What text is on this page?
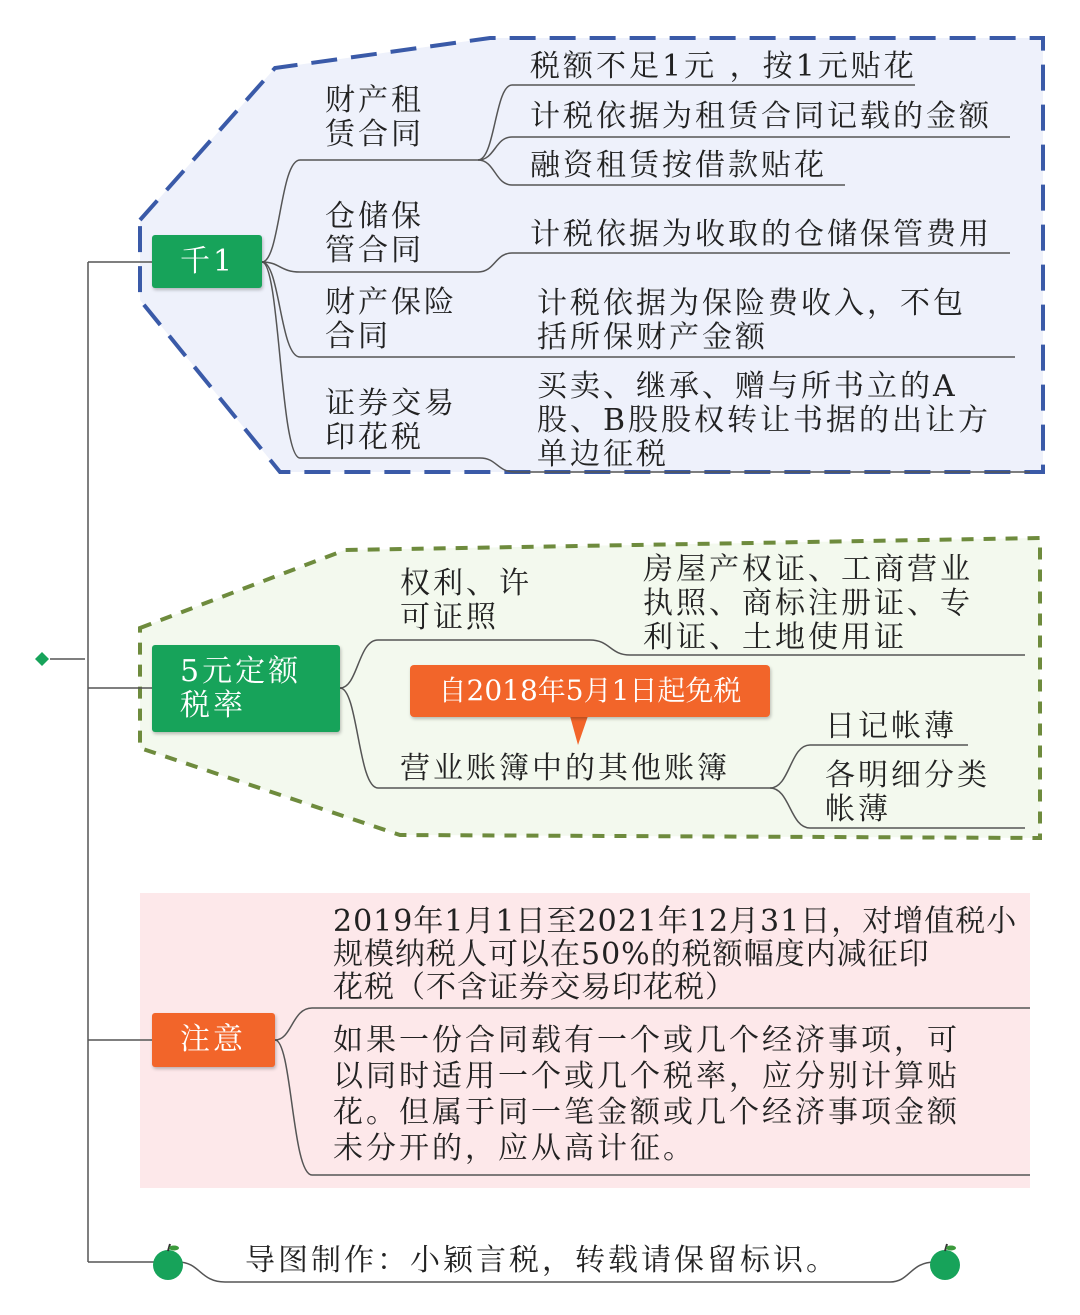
千1
财产租
赁合同
税额不足1元 ，按1元贴花
计税依据为租赁合同记载的金额
融资租赁按借款贴花
仓储保
管合同	计税依据为收取的仓储保管费用
财产保险
合同
计税依据为保险费收入，不包
括所保财产金额
证券交易
印花税
买卖、继承、赠与所书立的A
股、B股股权转让书据的出让方
单边征税
5元定额
税率
权利、许
可证照
房屋产权证、工商营业
执照、商标注册证、专
利证、土地使用证
自2018年5月1日起免税
营业账簿中的其他账簿
日记帐薄
各明细分类
帐薄
注意
2019年1月1日至2021年12月31日，对增值税小
规模纳税人可以在50%的税额幅度内减征印
花税（不含证券交易印花税）
如果一份合同载有一个或几个经济事项，可
以同时适用一个或几个税率，应分别计算贴
花。但属于同一笔金额或几个经济事项金额
未分开的，应从高计征。
导图制作：小颖言税，转载请保留标识。
